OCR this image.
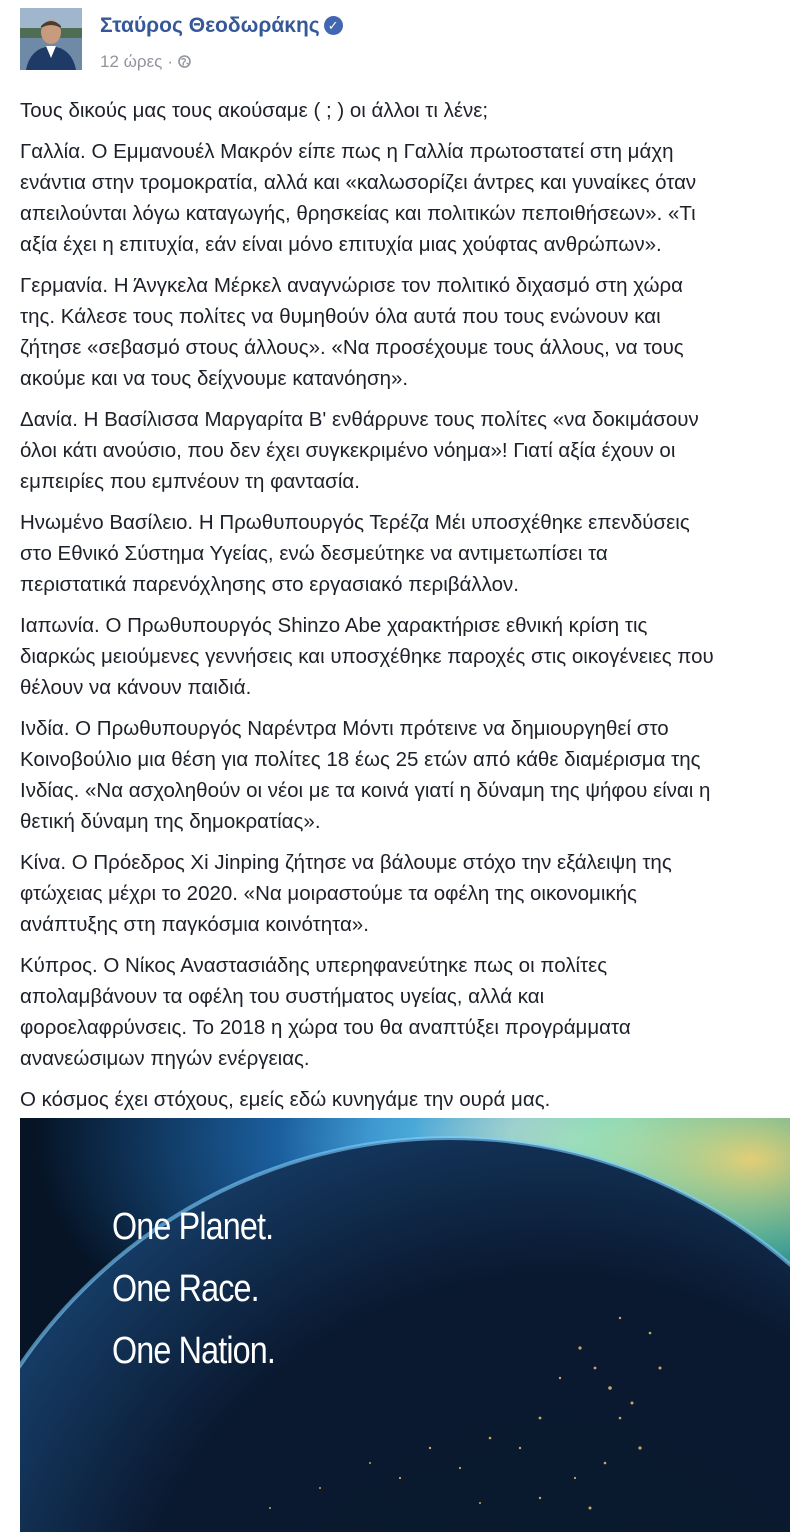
Σταύρος Θεοδωράκης ✓
12 ώρες ·

Τους δικούς μας τους ακούσαμε ( ; ) οι άλλοι τι λένε;

Γαλλία. Ο Εμμανουέλ Μακρόν είπε πως η Γαλλία πρωτοστατεί στη μάχη
ενάντια στην τρομοκρατία, αλλά και «καλωσορίζει άντρες και γυναίκες όταν
απειλούνται λόγω καταγωγής, θρησκείας και πολιτικών πεποιθήσεων». «Τι
αξία έχει η επιτυχία, εάν είναι μόνο επιτυχία μιας χούφτας ανθρώπων».

Γερμανία. Η Άνγκελα Μέρκελ αναγνώρισε τον πολιτικό διχασμό στη χώρα
της. Κάλεσε τους πολίτες να θυμηθούν όλα αυτά που τους ενώνουν και
ζήτησε «σεβασμό στους άλλους». «Να προσέχουμε τους άλλους, να τους
ακούμε και να τους δείχνουμε κατανόηση».

Δανία. Η Βασίλισσα Μαργαρίτα Β' ενθάρρυνε τους πολίτες «να δοκιμάσουν
όλοι κάτι ανούσιο, που δεν έχει συγκεκριμένο νόημα»! Γιατί αξία έχουν οι
εμπειρίες που εμπνέουν τη φαντασία.

Ηνωμένο Βασίλειο. Η Πρωθυπουργός Τερέζα Μέι υποσχέθηκε επενδύσεις
στο Εθνικό Σύστημα Υγείας, ενώ δεσμεύτηκε να αντιμετωπίσει τα
περιστατικά παρενόχλησης στο εργασιακό περιβάλλον.

Ιαπωνία. Ο Πρωθυπουργός Shinzo Abe χαρακτήρισε εθνική κρίση τις
διαρκώς μειούμενες γεννήσεις και υποσχέθηκε παροχές στις οικογένειες που
θέλουν να κάνουν παιδιά.

Ινδία. Ο Πρωθυπουργός Ναρέντρα Μόντι πρότεινε να δημιουργηθεί στο
Κοινοβούλιο μια θέση για πολίτες 18 έως 25 ετών από κάθε διαμέρισμα της
Ινδίας. «Να ασχοληθούν οι νέοι με τα κοινά γιατί η δύναμη της ψήφου είναι η
θετική δύναμη της δημοκρατίας».

Κίνα. Ο Πρόεδρος Xi Jinping ζήτησε να βάλουμε στόχο την εξάλειψη της
φτώχειας μέχρι το 2020. «Να μοιραστούμε τα οφέλη της οικονομικής
ανάπτυξης στη παγκόσμια κοινότητα».

Κύπρος. Ο Νίκος Αναστασιάδης υπερηφανεύτηκε πως οι πολίτες
απολαμβάνουν τα οφέλη του συστήματος υγείας, αλλά και
φοροελαφρύνσεις. Το 2018 η χώρα του θα αναπτύξει προγράμματα
ανανεώσιμων πηγών ενέργειας.

Ο κόσμος έχει στόχους, εμείς εδώ κυνηγάμε την ουρά μας.

One Planet.
One Race.
One Nation.
